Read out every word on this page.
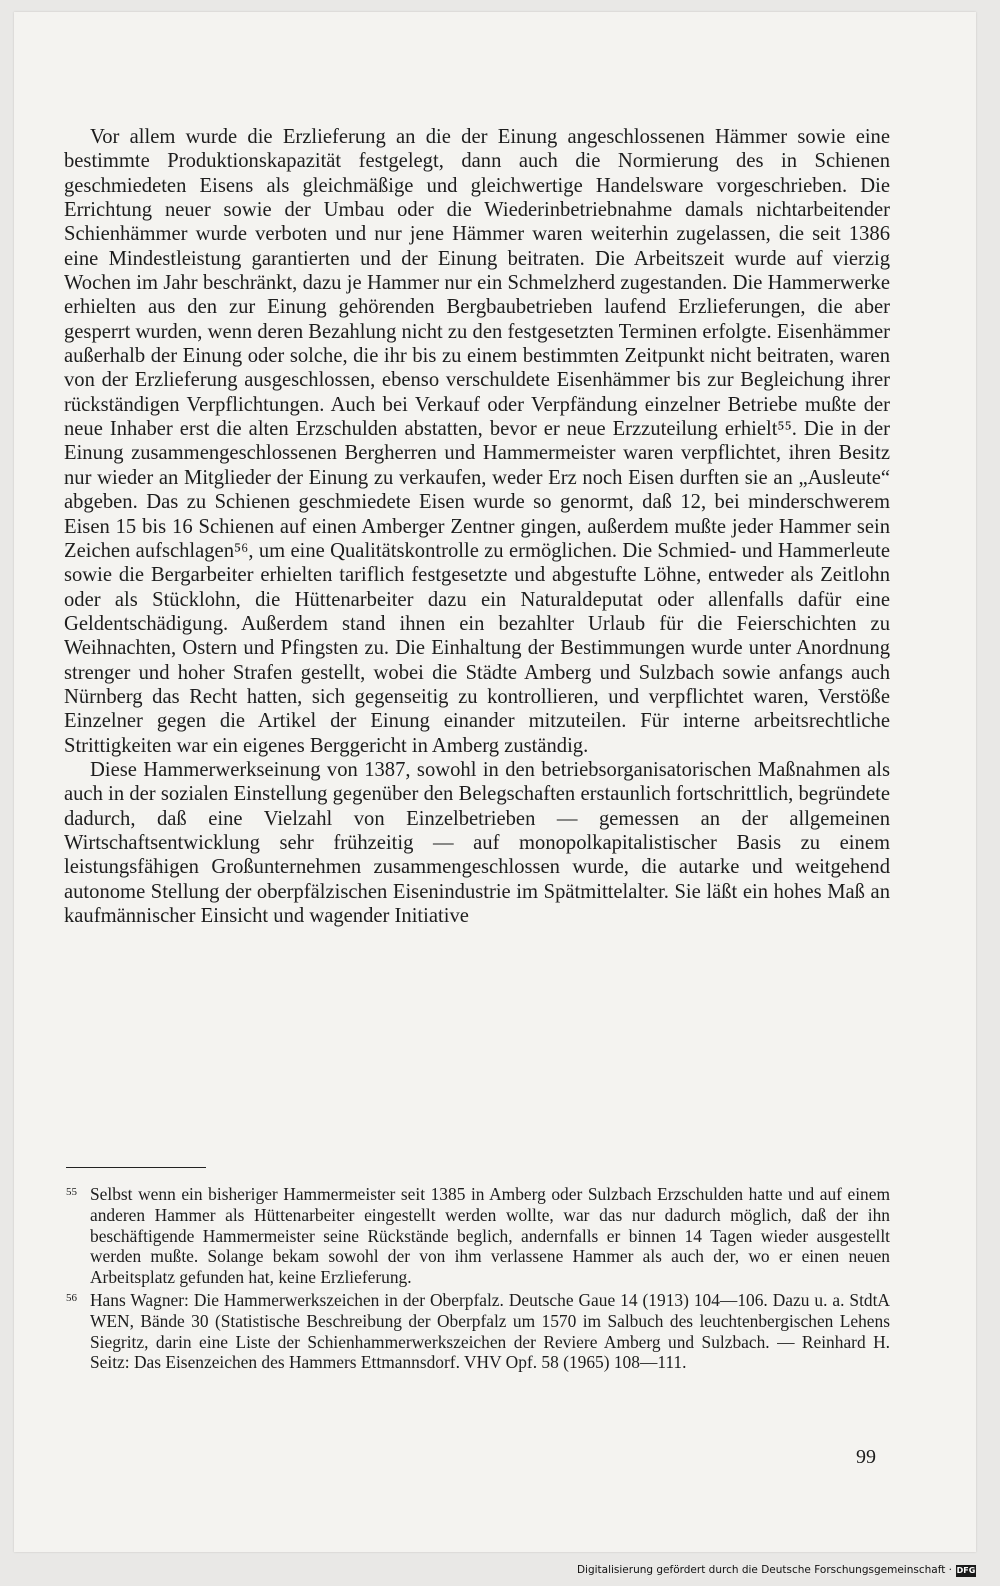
Vor allem wurde die Erzlieferung an die der Einung angeschlossenen Hämmer sowie eine bestimmte Produktionskapazität festgelegt, dann auch die Normierung des in Schienen geschmiedeten Eisens als gleichmäßige und gleichwertige Handelsware vorgeschrieben. Die Errichtung neuer sowie der Umbau oder die Wiederinbetriebnahme damals nichtarbeitender Schienhämmer wurde verboten und nur jene Hämmer waren weiterhin zugelassen, die seit 1386 eine Mindestleistung garantierten und der Einung beitraten. Die Arbeitszeit wurde auf vierzig Wochen im Jahr beschränkt, dazu je Hammer nur ein Schmelzherd zugestanden. Die Hammerwerke erhielten aus den zur Einung gehörenden Bergbaubetrieben laufend Erzlieferungen, die aber gesperrt wurden, wenn deren Bezahlung nicht zu den festgesetzten Terminen erfolgte. Eisenhämmer außerhalb der Einung oder solche, die ihr bis zu einem bestimmten Zeitpunkt nicht beitraten, waren von der Erzlieferung ausgeschlossen, ebenso verschuldete Eisenhämmer bis zur Begleichung ihrer rückständigen Verpflichtungen. Auch bei Verkauf oder Verpfändung einzelner Betriebe mußte der neue Inhaber erst die alten Erzschulden abstatten, bevor er neue Erzzuteilung erhielt⁵⁵. Die in der Einung zusammengeschlossenen Bergherren und Hammermeister waren verpflichtet, ihren Besitz nur wieder an Mitglieder der Einung zu verkaufen, weder Erz noch Eisen durften sie an „Ausleute“ abgeben. Das zu Schienen geschmiedete Eisen wurde so genormt, daß 12, bei minderschwerem Eisen 15 bis 16 Schienen auf einen Amberger Zentner gingen, außerdem mußte jeder Hammer sein Zeichen aufschlagen⁵⁶, um eine Qualitätskontrolle zu ermöglichen. Die Schmied- und Hammerleute sowie die Bergarbeiter erhielten tariflich festgesetzte und abgestufte Löhne, entweder als Zeitlohn oder als Stücklohn, die Hüttenarbeiter dazu ein Naturaldeputat oder allenfalls dafür eine Geldentschädigung. Außerdem stand ihnen ein bezahlter Urlaub für die Feierschichten zu Weihnachten, Ostern und Pfingsten zu. Die Einhaltung der Bestimmungen wurde unter Anordnung strenger und hoher Strafen gestellt, wobei die Städte Amberg und Sulzbach sowie anfangs auch Nürnberg das Recht hatten, sich gegenseitig zu kontrollieren, und verpflichtet waren, Verstöße Einzelner gegen die Artikel der Einung einander mitzuteilen. Für interne arbeitsrechtliche Strittigkeiten war ein eigenes Berggericht in Amberg zuständig.

Diese Hammerwerkseinung von 1387, sowohl in den betriebsorganisatorischen Maßnahmen als auch in der sozialen Einstellung gegenüber den Belegschaften erstaunlich fortschrittlich, begründete dadurch, daß eine Vielzahl von Einzelbetrieben — gemessen an der allgemeinen Wirtschaftsentwicklung sehr frühzeitig — auf monopolkapitalistischer Basis zu einem leistungsfähigen Großunternehmen zusammengeschlossen wurde, die autarke und weitgehend autonome Stellung der oberpfälzischen Eisenindustrie im Spätmittelalter. Sie läßt ein hohes Maß an kaufmännischer Einsicht und wagender Initiative

55 Selbst wenn ein bisheriger Hammermeister seit 1385 in Amberg oder Sulzbach Erzschulden hatte und auf einem anderen Hammer als Hüttenarbeiter eingestellt werden wollte, war das nur dadurch möglich, daß der ihn beschäftigende Hammermeister seine Rückstände beglich, andernfalls er binnen 14 Tagen wieder ausgestellt werden mußte. Solange bekam sowohl der von ihm verlassene Hammer als auch der, wo er einen neuen Arbeitsplatz gefunden hat, keine Erzlieferung.
56 Hans Wagner: Die Hammerwerkszeichen in der Oberpfalz. Deutsche Gaue 14 (1913) 104—106. Dazu u. a. StdtA WEN, Bände 30 (Statistische Beschreibung der Oberpfalz um 1570 im Salbuch des leuchtenbergischen Lehens Siegritz, darin eine Liste der Schienhammerwerkszeichen der Reviere Amberg und Sulzbach. — Reinhard H. Seitz: Das Eisenzeichen des Hammers Ettmannsdorf. VHV Opf. 58 (1965) 108—111.
99
Digitalisierung gefördert durch die Deutsche Forschungsgemeinschaft · DFG
